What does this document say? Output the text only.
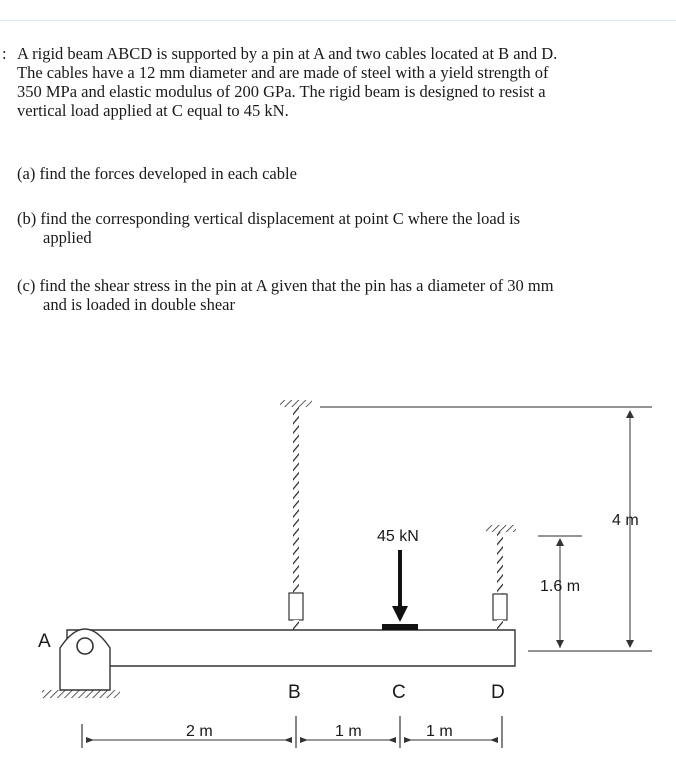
: A rigid beam ABCD is supported by a pin at A and two cables located at B and D.

The cables have a 12 mm diameter and are made of steel with a yield strength of

350 MPa and elastic modulus of 200 GPa. The rigid beam is designed to resist a

vertical load applied at C equal to 45 kN.

(a) find the forces developed in each cable
(b) find the corresponding vertical displacement at point C where the load is
applied
(c) find the shear stress in the pin at A given that the pin has a diameter of 30 mm
and is loaded in double shear
45 kN
4 m
1.6 m
A
B	C	D
2 m	1 m	1 m
